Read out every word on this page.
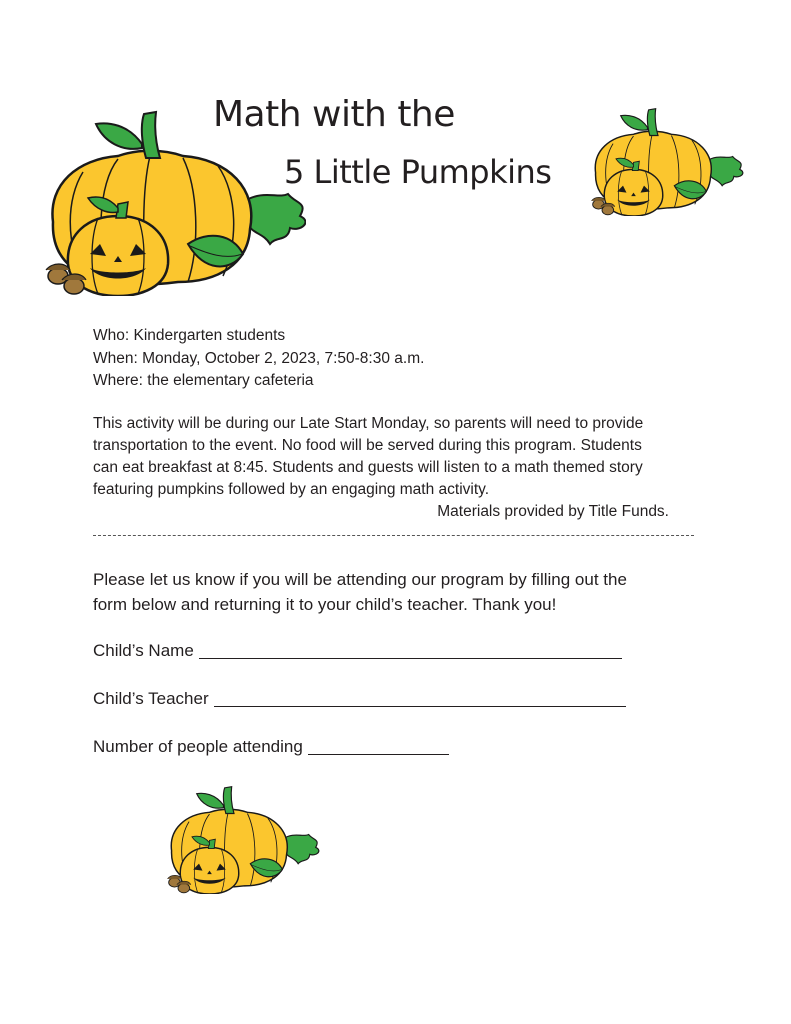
Math with the
5 Little Pumpkins
Who: Kindergarten students
When: Monday, October 2, 2023, 7:50-8:30 a.m.
Where: the elementary cafeteria
This activity will be during our Late Start Monday, so parents will need to provide
transportation to the event. No food will be served during this program. Students
can eat breakfast at 8:45. Students and guests will listen to a math themed story
featuring pumpkins followed by an engaging math activity.
Materials provided by Title Funds.
Please let us know if you will be attending our program by filling out the
form below and returning it to your child’s teacher. Thank you!
Child’s Name
Child’s Teacher
Number of people attending
